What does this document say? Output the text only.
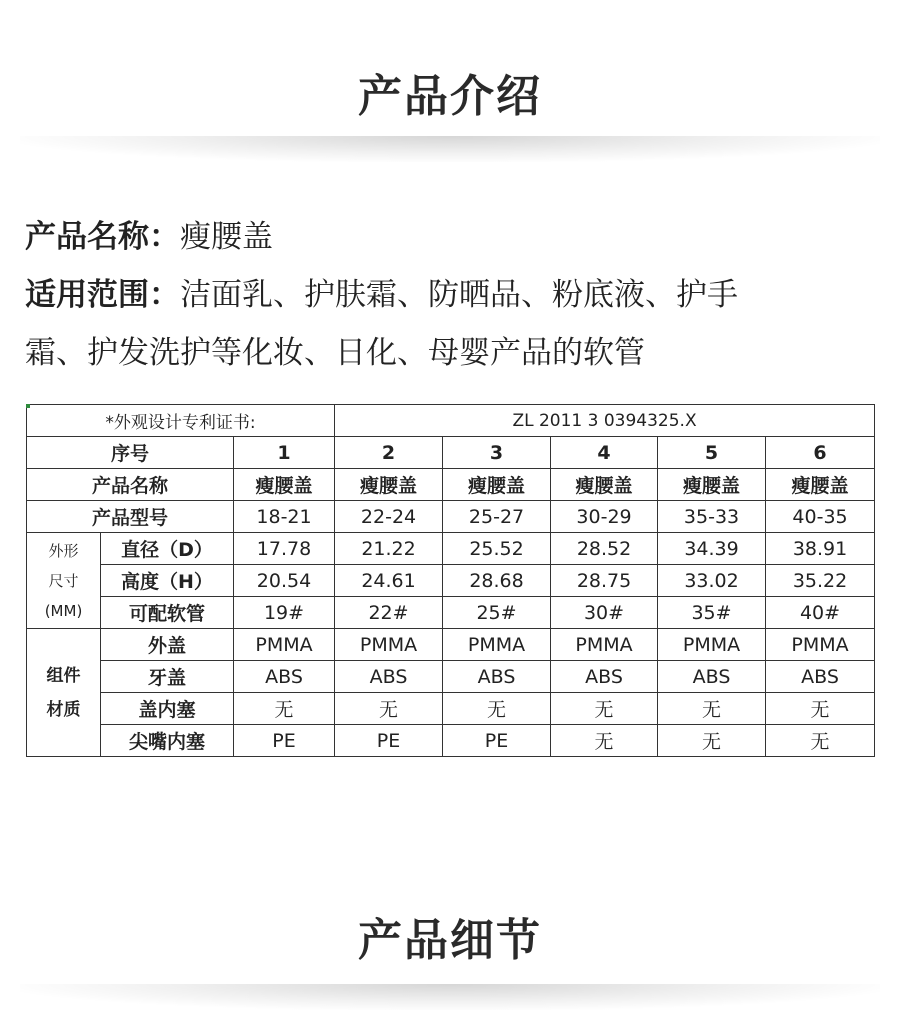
产品介绍
产品名称：瘦腰盖
适用范围：洁面乳、护肤霜、防晒品、粉底液、护手
霜、护发洗护等化妆、日化、母婴产品的软管
*外观设计专利证书:			ZL 2011 3 0394325.X				
序号		1	2	3	4	5	6
产品名称		瘦腰盖	瘦腰盖	瘦腰盖	瘦腰盖	瘦腰盖	瘦腰盖
产品型号		18-21	22-24	25-27	30-29	35-33	40-35

外形
尺寸
(MM)	直径（D）	17.78	21.22	25.52	28.52	34.39	38.91
	高度（H）	20.54	24.61	28.68	28.75	33.02	35.22
	可配软管	19#	22#	25#	30#	35#	40#

组件
材质	外盖	PMMA	PMMA	PMMA	PMMA	PMMA	PMMA
	牙盖	ABS	ABS	ABS	ABS	ABS	ABS
	盖内塞	无	无	无	无	无	无
	尖嘴内塞	PE	PE	PE	无	无	无
产品细节
